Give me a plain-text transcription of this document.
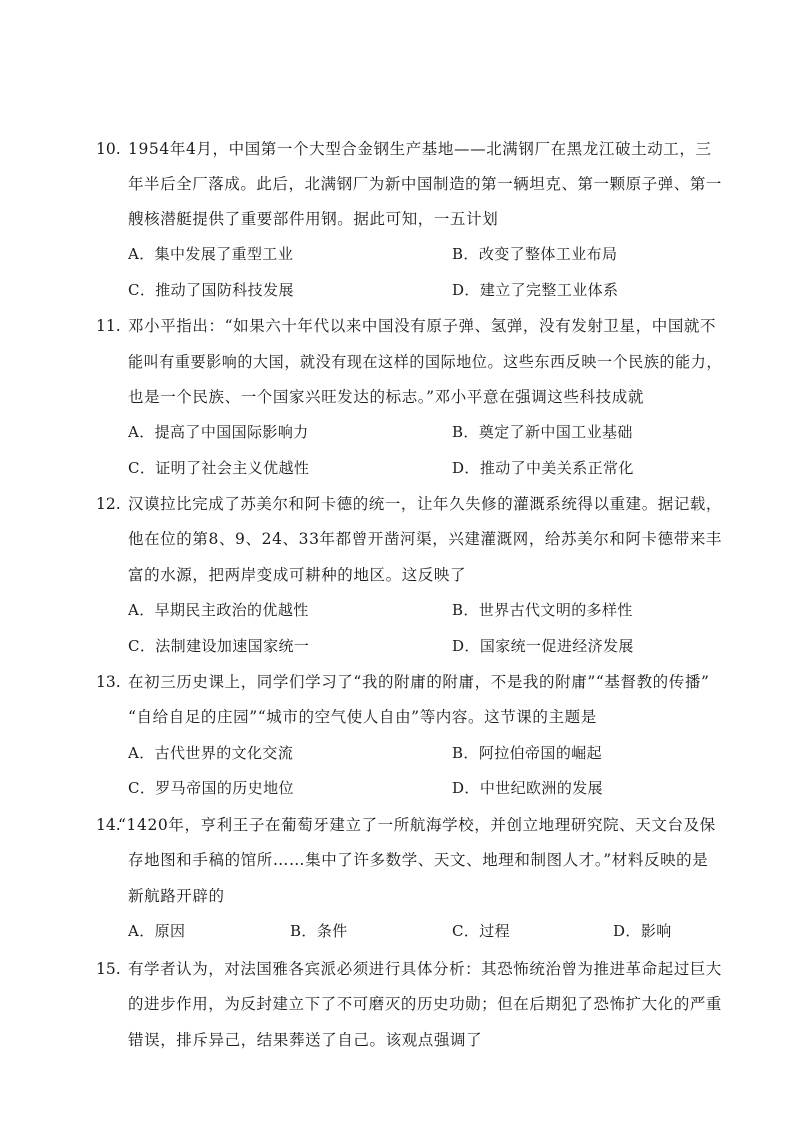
10. 1954年4月，中国第一个大型合金钢生产基地——北满钢厂在黑龙江破土动工，三
年半后全厂落成。此后，北满钢厂为新中国制造的第一辆坦克、第一颗原子弹、第一
艘核潜艇提供了重要部件用钢。据此可知，一五计划
A．集中发展了重型工业	B．改变了整体工业布局
C．推动了国防科技发展	D．建立了完整工业体系
11. 邓小平指出：“如果六十年代以来中国没有原子弹、氢弹，没有发射卫星，中国就不
能叫有重要影响的大国，就没有现在这样的国际地位。这些东西反映一个民族的能力，
也是一个民族、一个国家兴旺发达的标志。”邓小平意在强调这些科技成就
A．提高了中国国际影响力	B．奠定了新中国工业基础
C．证明了社会主义优越性	D．推动了中美关系正常化
12. 汉谟拉比完成了苏美尔和阿卡德的统一，让年久失修的灌溉系统得以重建。据记载，
他在位的第8、9、24、33年都曾开凿河渠，兴建灌溉网，给苏美尔和阿卡德带来丰
富的水源，把两岸变成可耕种的地区。这反映了
A．早期民主政治的优越性	B．世界古代文明的多样性
C．法制建设加速国家统一	D．国家统一促进经济发展
13. 在初三历史课上，同学们学习了“我的附庸的附庸，不是我的附庸”“基督教的传播”
“自给自足的庄园”“城市的空气使人自由”等内容。这节课的主题是
A．古代世界的文化交流	B．阿拉伯帝国的崛起
C．罗马帝国的历史地位	D．中世纪欧洲的发展
14.
“1420年，亨利王子在葡萄牙建立了一所航海学校，并创立地理研究院、天文台及保
存地图和手稿的馆所……集中了许多数学、天文、地理和制图人才。”材料反映的是
新航路开辟的
A．原因	B．条件	C．过程	D．影响
15. 有学者认为，对法国雅各宾派必须进行具体分析：其恐怖统治曾为推进革命起过巨大
的进步作用，为反封建立下了不可磨灭的历史功勋；但在后期犯了恐怖扩大化的严重
错误，排斥异己，结果葬送了自己。该观点强调了
